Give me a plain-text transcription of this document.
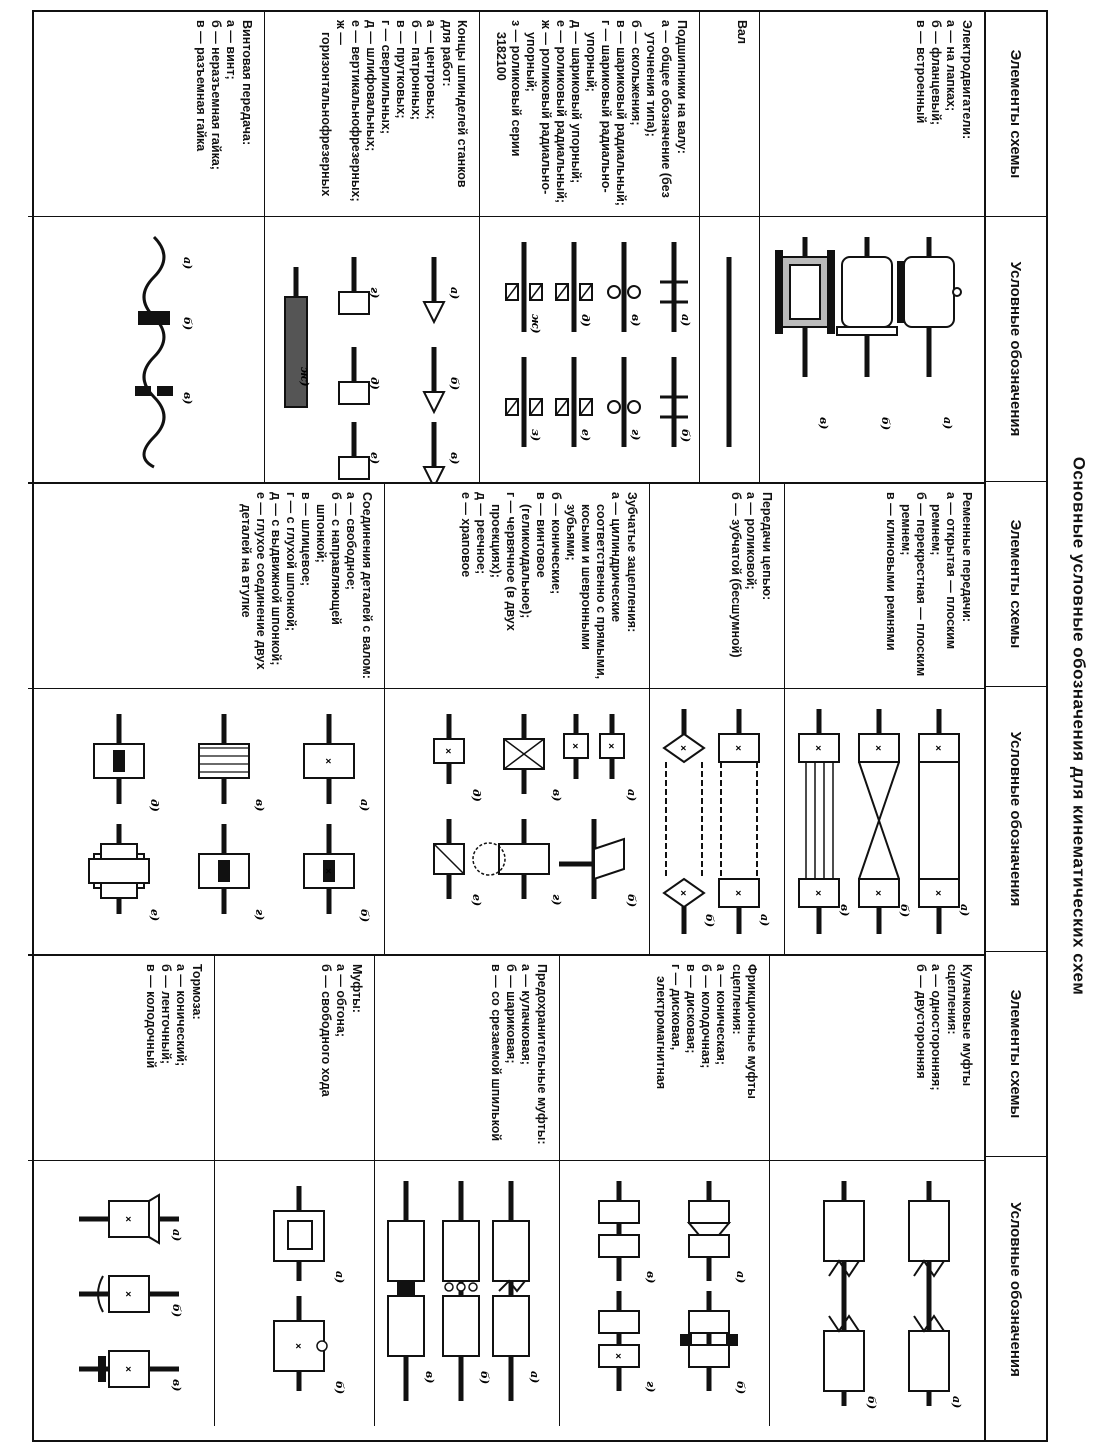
Основные условные обозначения для кинематических схем
Элементы схемы
Условные обозначения
Элементы схемы
Условные обозначения
Элементы схемы
Условные обозначения
Электродвигатели:
а — на лапках;
б — фланцевый;
в — встроенный
а)
б)
в)
Вал
Подшипники на валу:
а — общее обозначение (без уточнения типа);
б — скольжения;
в — шариковый радиальный;
г — шариковый радиально-упорный;
д — шариковый упорный;
е — роликовый радиальный;
ж — роликовый радиально-упорный;
з — роликовый серии 3182100
а)
б)
в)
г)
д)
е)
ж)
з)
Концы шпинделей станков для работ:
а — центровых;
б — патронных;
в — прутковых;
г — сверлильных;
д — шлифовальных;
е — вертикальнофрезерных;
ж — горизонтальнофрезерных
а)
б)
в)
г)
д)
е)
ж)
Винтовая передача:
а — винт;
б — неразъемная гайка;
в — разъемная гайка
а)
б)
в)
Ременные передачи:
а — открытая — плоским ремнем;
б — перекрестная — плоским ремнем;
в — клиновыми ремнями
×
×
а)
×
×
б)
×
×
в)
Передачи цепью:
а — роликовой;
б — зубчатой (бесшумной)
×
×
а)
×
×
б)
Зубчатые зацепления:
а — цилиндрические соответственно с прямыми, косыми и шевронными зубьями;
б — конические;
в — винтовое (геликоидальное);
г — червячное (в двух проекциях);
д — реечное;
е — храповое
×
×
а)
б)
в)
г)
×
д)
е)
Соединения деталей с валом:
а — свободное;
б — с направляющей шпонкой;
в — шлицевое;
г — с глухой шпонкой;
д — с выдвижной шпонкой;
е — глухое соединение двух деталей на втулке
×
а)
×
б)
в)
г)
д)
е)
Кулачковые муфты сцепления:
а — односторонняя;
б — двусторонняя
а)
б)
Фрикционные муфты сцепления:
а — коническая;
б — колодочная;
в — дисковая;
г — дисковая, электромагнитная
а)
б)
в)
×
г)
Предохранительные муфты:
а — кулачковая;
б — шариковая;
в — со срезаемой шпилькой
а)
б)
в)
Муфты:
а — обгона;
б — свободного хода
а)
×
б)
Тормоза:
а — конический;
б — ленточный;
в — колодочный
×
а)
×
б)
×
в)
